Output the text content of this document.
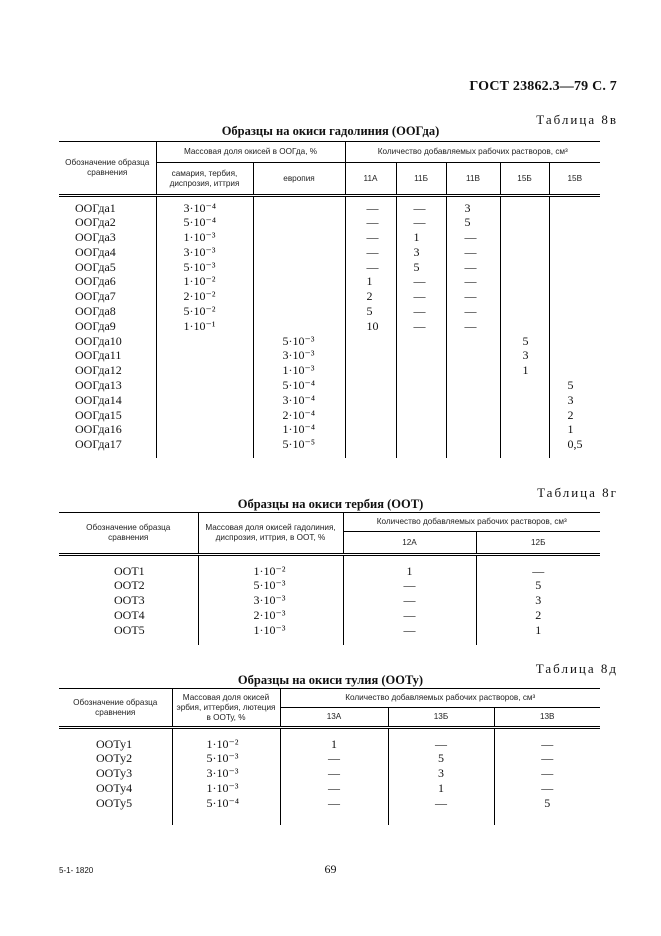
ГОСТ 23862.3—79 С. 7
Таблица 8в
Образцы на окиси гадолиния (ООГда)
Обозначение образца сравнения	Массовая доля окисей в ООГда, %		Количество добавляемых рабочих растворов, см³				
	самария, тербия, диспрозия, иттрия	европия	11А	11Б	11В	15Б	15В

ООГда1	3·10⁻⁴		—	—	3		

ООГда2	5·10⁻⁴		—	—	5		

ООГда3	1·10⁻³		—	1	—		

ООГда4	3·10⁻³		—	3	—		

ООГда5	5·10⁻³		—	5	—		

ООГда6	1·10⁻²		1	—	—		

ООГда7	2·10⁻²		2	—	—		

ООГда8	5·10⁻²		5	—	—		

ООГда9	1·10⁻¹		10	—	—		

ООГда10		5·10⁻³				5	

ООГда11		3·10⁻³				3	

ООГда12		1·10⁻³				1	

ООГда13		5·10⁻⁴					5

ООГда14		3·10⁻⁴					3

ООГда15		2·10⁻⁴					2

ООГда16		1·10⁻⁴					1

ООГда17		5·10⁻⁵					0,5

Таблица 8г
Образцы на окиси тербия (ООТ)
Обозначение образца сравнения	Массовая доля окисей гадолиния, диспрозия, иттрия, в ООТ, %	Количество добавляемых рабочих растворов, см³	
		12А	12Б

ООТ1	1·10⁻²	1	—

ООТ2	5·10⁻³	—	5

ООТ3	3·10⁻³	—	3

ООТ4	2·10⁻³	—	2

ООТ5	1·10⁻³	—	1

Таблица 8д
Образцы на окиси тулия (ООТу)
Обозначение образца сравнения	Массовая доля окисей эрбия, иттербия, лютеция в ООТу, %	Количество добавляемых рабочих растворов, см³		
		13А	13Б	13В

ООТу1	1·10⁻²	1	—	—

ООТу2	5·10⁻³	—	5	—

ООТу3	3·10⁻³	—	3	—

ООТу4	1·10⁻³	—	1	—

ООТу5	5·10⁻⁴	—	—	5

5-1- 1820	69
